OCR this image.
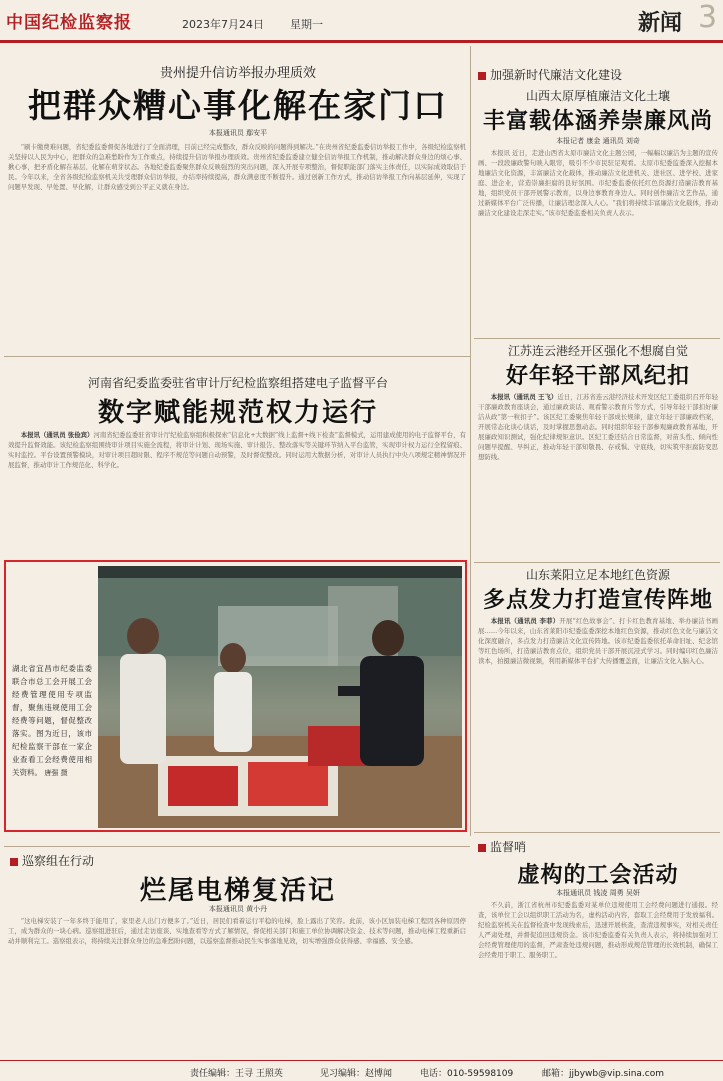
中国纪检监察报	2023年7月24日 星期一	新闻 3
贵州提升信访举报办理质效
把群众糟心事化解在家门口
本报通讯员 鄢安平

“刷卡缴费难问题，省纪委监委督促各地进行了全面清理，目前已经完成整改，群众反映的问题得到解决。”在贵州省纪委监委信访举报工作中，各级纪检监察机关坚持以人民为中心，把群众的急难愁盼作为工作重点，持续提升信访举报办理质效。贵州省纪委监委建立健全信访举报工作机制，推动解决群众身边的烦心事、揪心事，把矛盾化解在基层、化解在萌芽状态。各地纪委监委聚焦群众反映强烈的突出问题，深入开展专项整治，督促职能部门落实主体责任，以实际成效取信于民。今年以来，全省各级纪检监察机关共受理群众信访举报，办结率持续提高，群众满意度不断提升。通过创新工作方式，推动信访举报工作向基层延伸，实现了问题早发现、早处置、早化解，让群众感受到公平正义就在身边。

加强新时代廉洁文化建设
山西太原厚植廉洁文化土壤
丰富载体涵养崇廉风尚
本报记者 康金 通讯员 刘奇

本报讯 近日，走进山西省太原市廉洁文化主题公园，一幅幅以廉洁为主题的宣传画、一段段廉政警句映入眼帘，吸引不少市民驻足观看。太原市纪委监委深入挖掘本地廉洁文化资源，丰富廉洁文化载体，推动廉洁文化进机关、进社区、进学校、进家庭、进企业，营造崇廉拒腐的良好氛围。市纪委监委依托红色资源打造廉洁教育基地，组织党员干部开展警示教育，以身边事教育身边人。同时创作廉洁文艺作品，通过新媒体平台广泛传播，让廉洁理念深入人心。“我们将持续丰富廉洁文化载体，推动廉洁文化建设走深走实。”该市纪委监委相关负责人表示。

江苏连云港经开区强化不想腐自觉
好年轻干部风纪扣

本报讯（通讯员 王飞）近日，江苏省连云港经济技术开发区纪工委组织召开年轻干部廉政教育座谈会，通过廉政谈话、观看警示教育片等方式，引导年轻干部扣好廉洁从政“第一粒扣子”。该区纪工委聚焦年轻干部成长规律，建立年轻干部廉政档案，开展常态化谈心谈话，及时掌握思想动态。同时组织年轻干部参观廉政教育基地，开展廉政知识测试，强化纪律规矩意识。区纪工委还结合日常监督，对苗头性、倾向性问题早提醒、早纠正，推动年轻干部知敬畏、存戒惧、守底线，切实筑牢拒腐防变思想防线。

山东莱阳立足本地红色资源
多点发力打造宣传阵地

本报讯（通讯员 李菲）开展“红色故事会”、打卡红色教育基地、举办廉洁书画展……今年以来，山东省莱阳市纪委监委深挖本地红色资源，推动红色文化与廉洁文化深度融合，多点发力打造廉洁文化宣传阵地。该市纪委监委依托革命旧址、纪念馆等红色场所，打造廉洁教育点位，组织党员干部开展沉浸式学习。同时编印红色廉洁读本，拍摄廉洁微视频，利用新媒体平台扩大传播覆盖面，让廉洁文化入脑入心。

河南省纪委监委驻省审计厅纪检监察组搭建电子监督平台
数字赋能规范权力运行

本报讯（通讯员 张俭宾）河南省纪委监委驻省审计厅纪检监察组积极探索“信息化+大数据”线上监督+线下检查”监督模式，运用建成使用的电子监督平台，有效提升监督效能。该纪检监察组围绕审计项目实施全流程，将审计计划、现场实施、审计报告、整改落实等关键环节纳入平台监管，实现审计权力运行全程留痕、实时监控。平台设置预警模块，对审计项目超时限、程序不规范等问题自动预警，及时督促整改。同时运用大数据分析，对审计人员执行中央八项规定精神情况开展监督，推动审计工作规范化、科学化。

湖北省宜昌市纪委监委联合市总工会开展工会经费管理使用专项监督，聚焦违规使用工会经费等问题，督促整改落实。图为近日，该市纪检监察干部在一家企业查看工会经费使用相关资料。 唐强 摄
巡察组在行动
烂尾电梯复活记
本报通讯员 黄小丹

“这电梯安装了一年多终于能用了，家里老人出门方便多了。”近日，居民们看着运行平稳的电梯，脸上露出了笑容。此前，该小区加装电梯工程因各种原因停工，成为群众的一块心病。巡察组进驻后，通过走访座谈、实地查看等方式了解情况，督促相关部门和施工单位协调解决资金、技术等问题，推动电梯工程重新启动并顺利完工。巡察组表示，将持续关注群众身边的急难愁盼问题，以巡察监督推动民生实事落地见效，切实增强群众获得感、幸福感、安全感。

监督哨
虚构的工会活动
本报通讯员 钱凌 周勇 吴妍

不久前，浙江省杭州市纪委监委对某单位违规使用工会经费问题进行通报。经查，该单位工会以组织职工活动为名，虚构活动内容，套取工会经费用于发放福利。纪检监察机关在监督检查中发现线索后，迅速开展核查，查清违规事实，对相关责任人严肃处理，并督促追回违规资金。该市纪委监委有关负责人表示，将持续加强对工会经费管理使用的监督，严肃查处违规问题，推动形成规范管理的长效机制，确保工会经费用于职工、服务职工。

责任编辑：王寻 王照英	见习编辑：赵博闻	电话：010-59598109	邮箱：jjbywb@vip.sina.com
